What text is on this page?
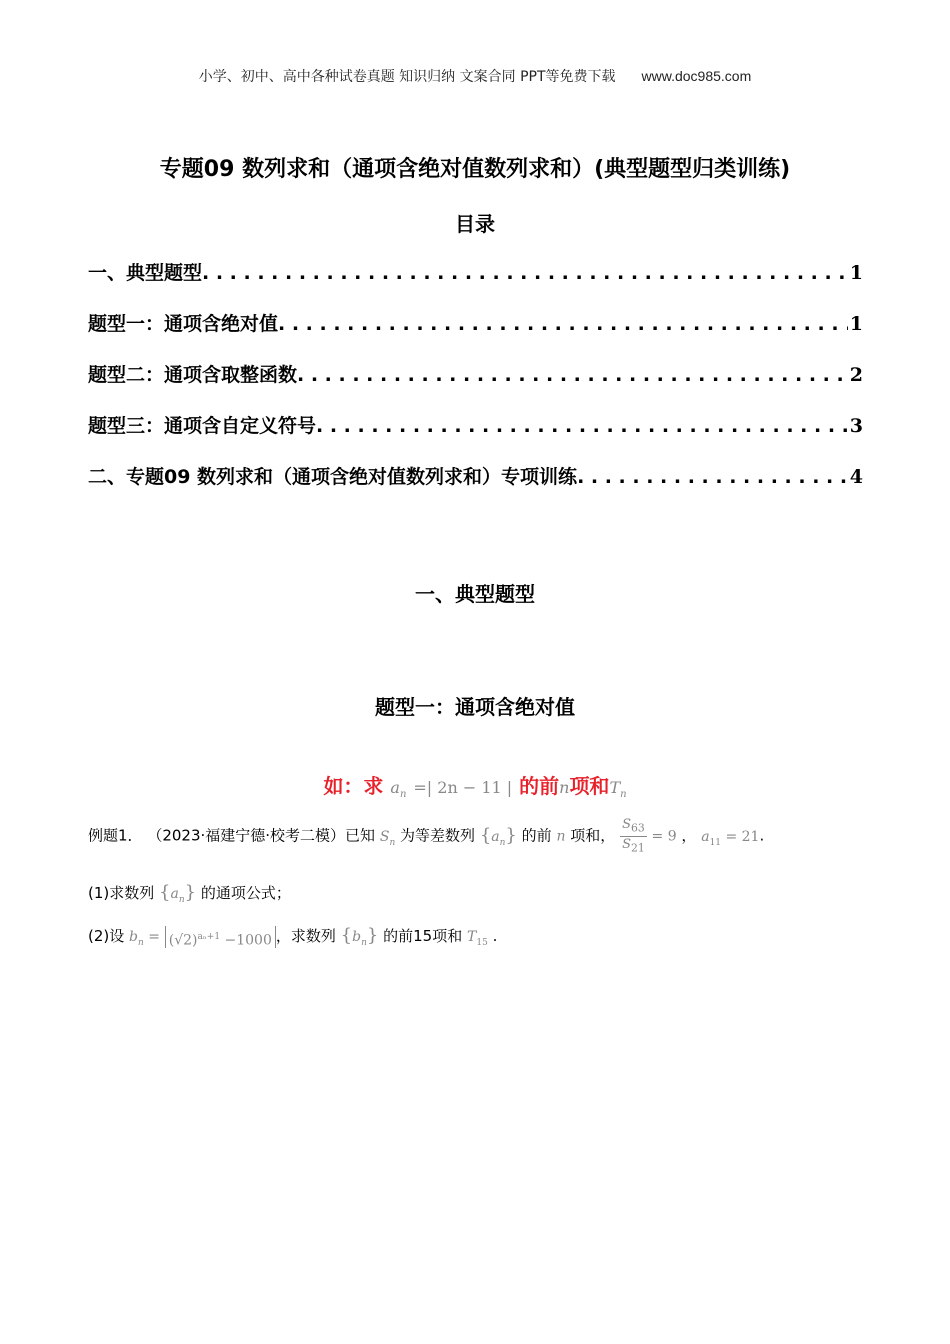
小学、初中、高中各种试卷真题 知识归纳 文案合同 PPT等免费下载 www.doc985.com
专题09 数列求和（通项含绝对值数列求和）(典型题型归类训练)
目录
一、典型题型 . . .	1
题型一：通项含绝对值 . . .	1
题型二：通项含取整函数 . . .	2
题型三：通项含自定义符号 . . .	3
二、专题09 数列求和（通项含绝对值数列求和）专项训练 . . .	4
一、典型题型
题型一：通项含绝对值
如：求 $a_n$ =| 2n − 11 | 的前n项和$T_n$
例题1． （2023·福建宁德·校考二模）已知 $S_n$ 为等差数列 $\{a_n\}$ 的前 n 项和， $\frac{S_{63}}{S_{21}} = 9$ ， $a_{11} = 21$.
(1)求数列 $\{a_n\}$ 的通项公式；
(2)设 $b_n = (√2)^{a_n+1} -1000$ ，求数列 $\{b_n\}$ 的前15项和 $T_{15}$ .
